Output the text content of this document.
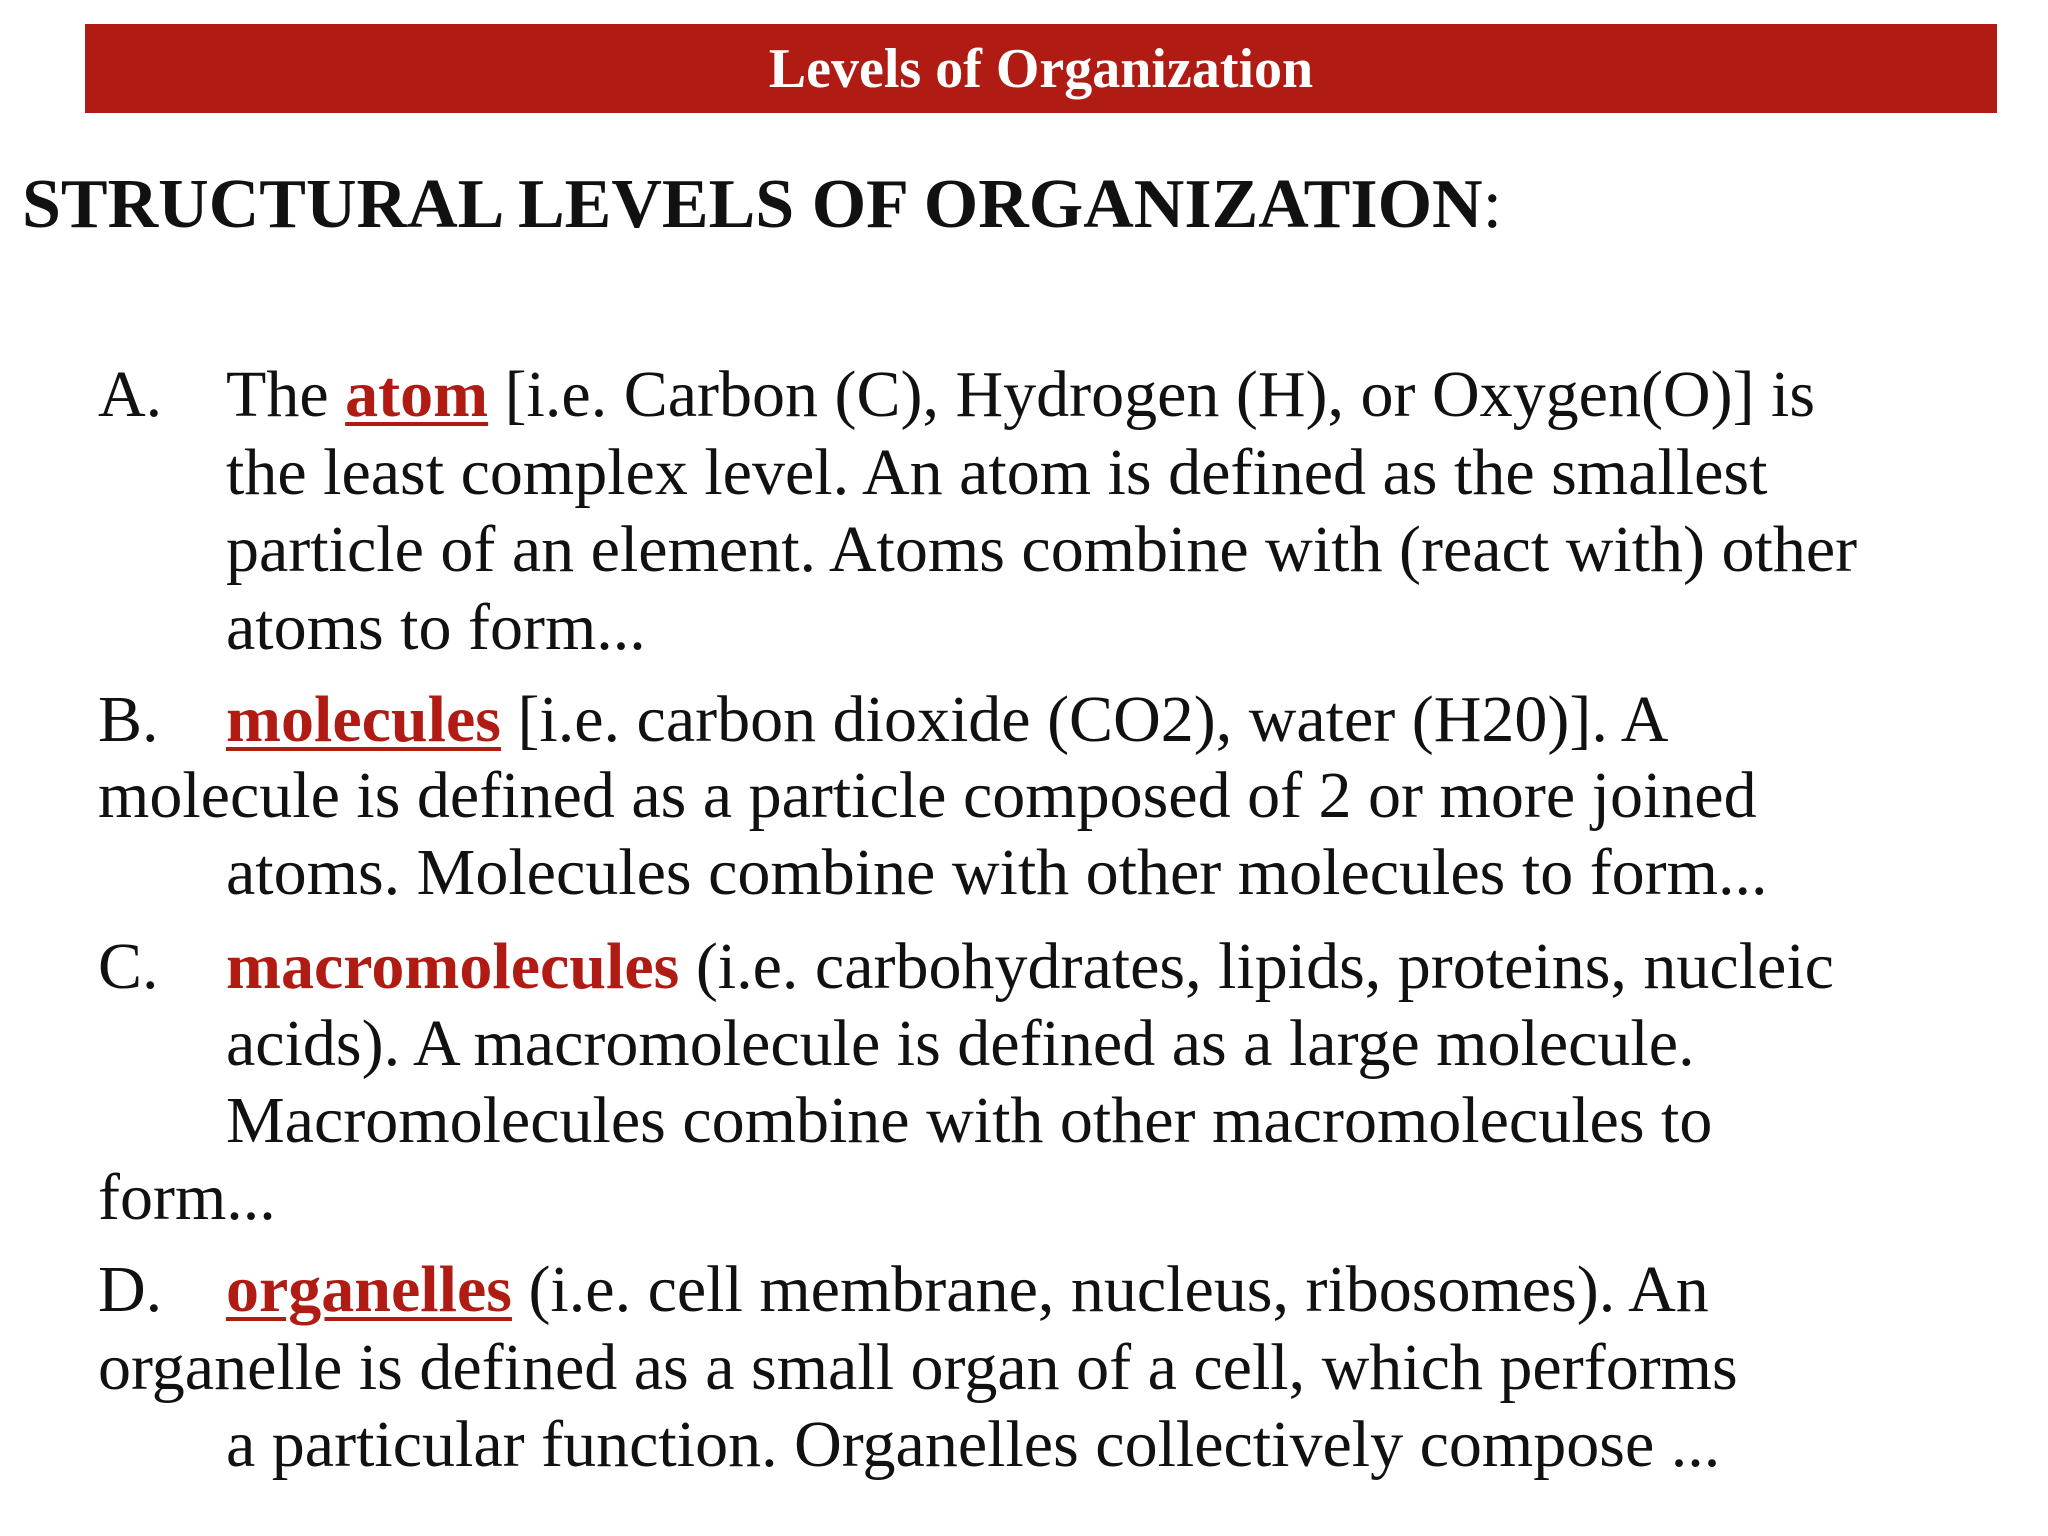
Levels of Organization
STRUCTURAL LEVELS OF ORGANIZATION:
A. The atom [i.e. Carbon (C), Hydrogen (H), or Oxygen(O)] is
the least complex level. An atom is defined as the smallest
particle of an element. Atoms combine with (react with) other
atoms to form...
B. molecules [i.e. carbon dioxide (CO2), water (H20)]. A
molecule is defined as a particle composed of 2 or more joined
atoms. Molecules combine with other molecules to form...
C. macromolecules (i.e. carbohydrates, lipids, proteins, nucleic
acids). A macromolecule is defined as a large molecule.
Macromolecules combine with other macromolecules to
form...
D. organelles (i.e. cell membrane, nucleus, ribosomes). An
organelle is defined as a small organ of a cell, which performs
a particular function. Organelles collectively compose ...
